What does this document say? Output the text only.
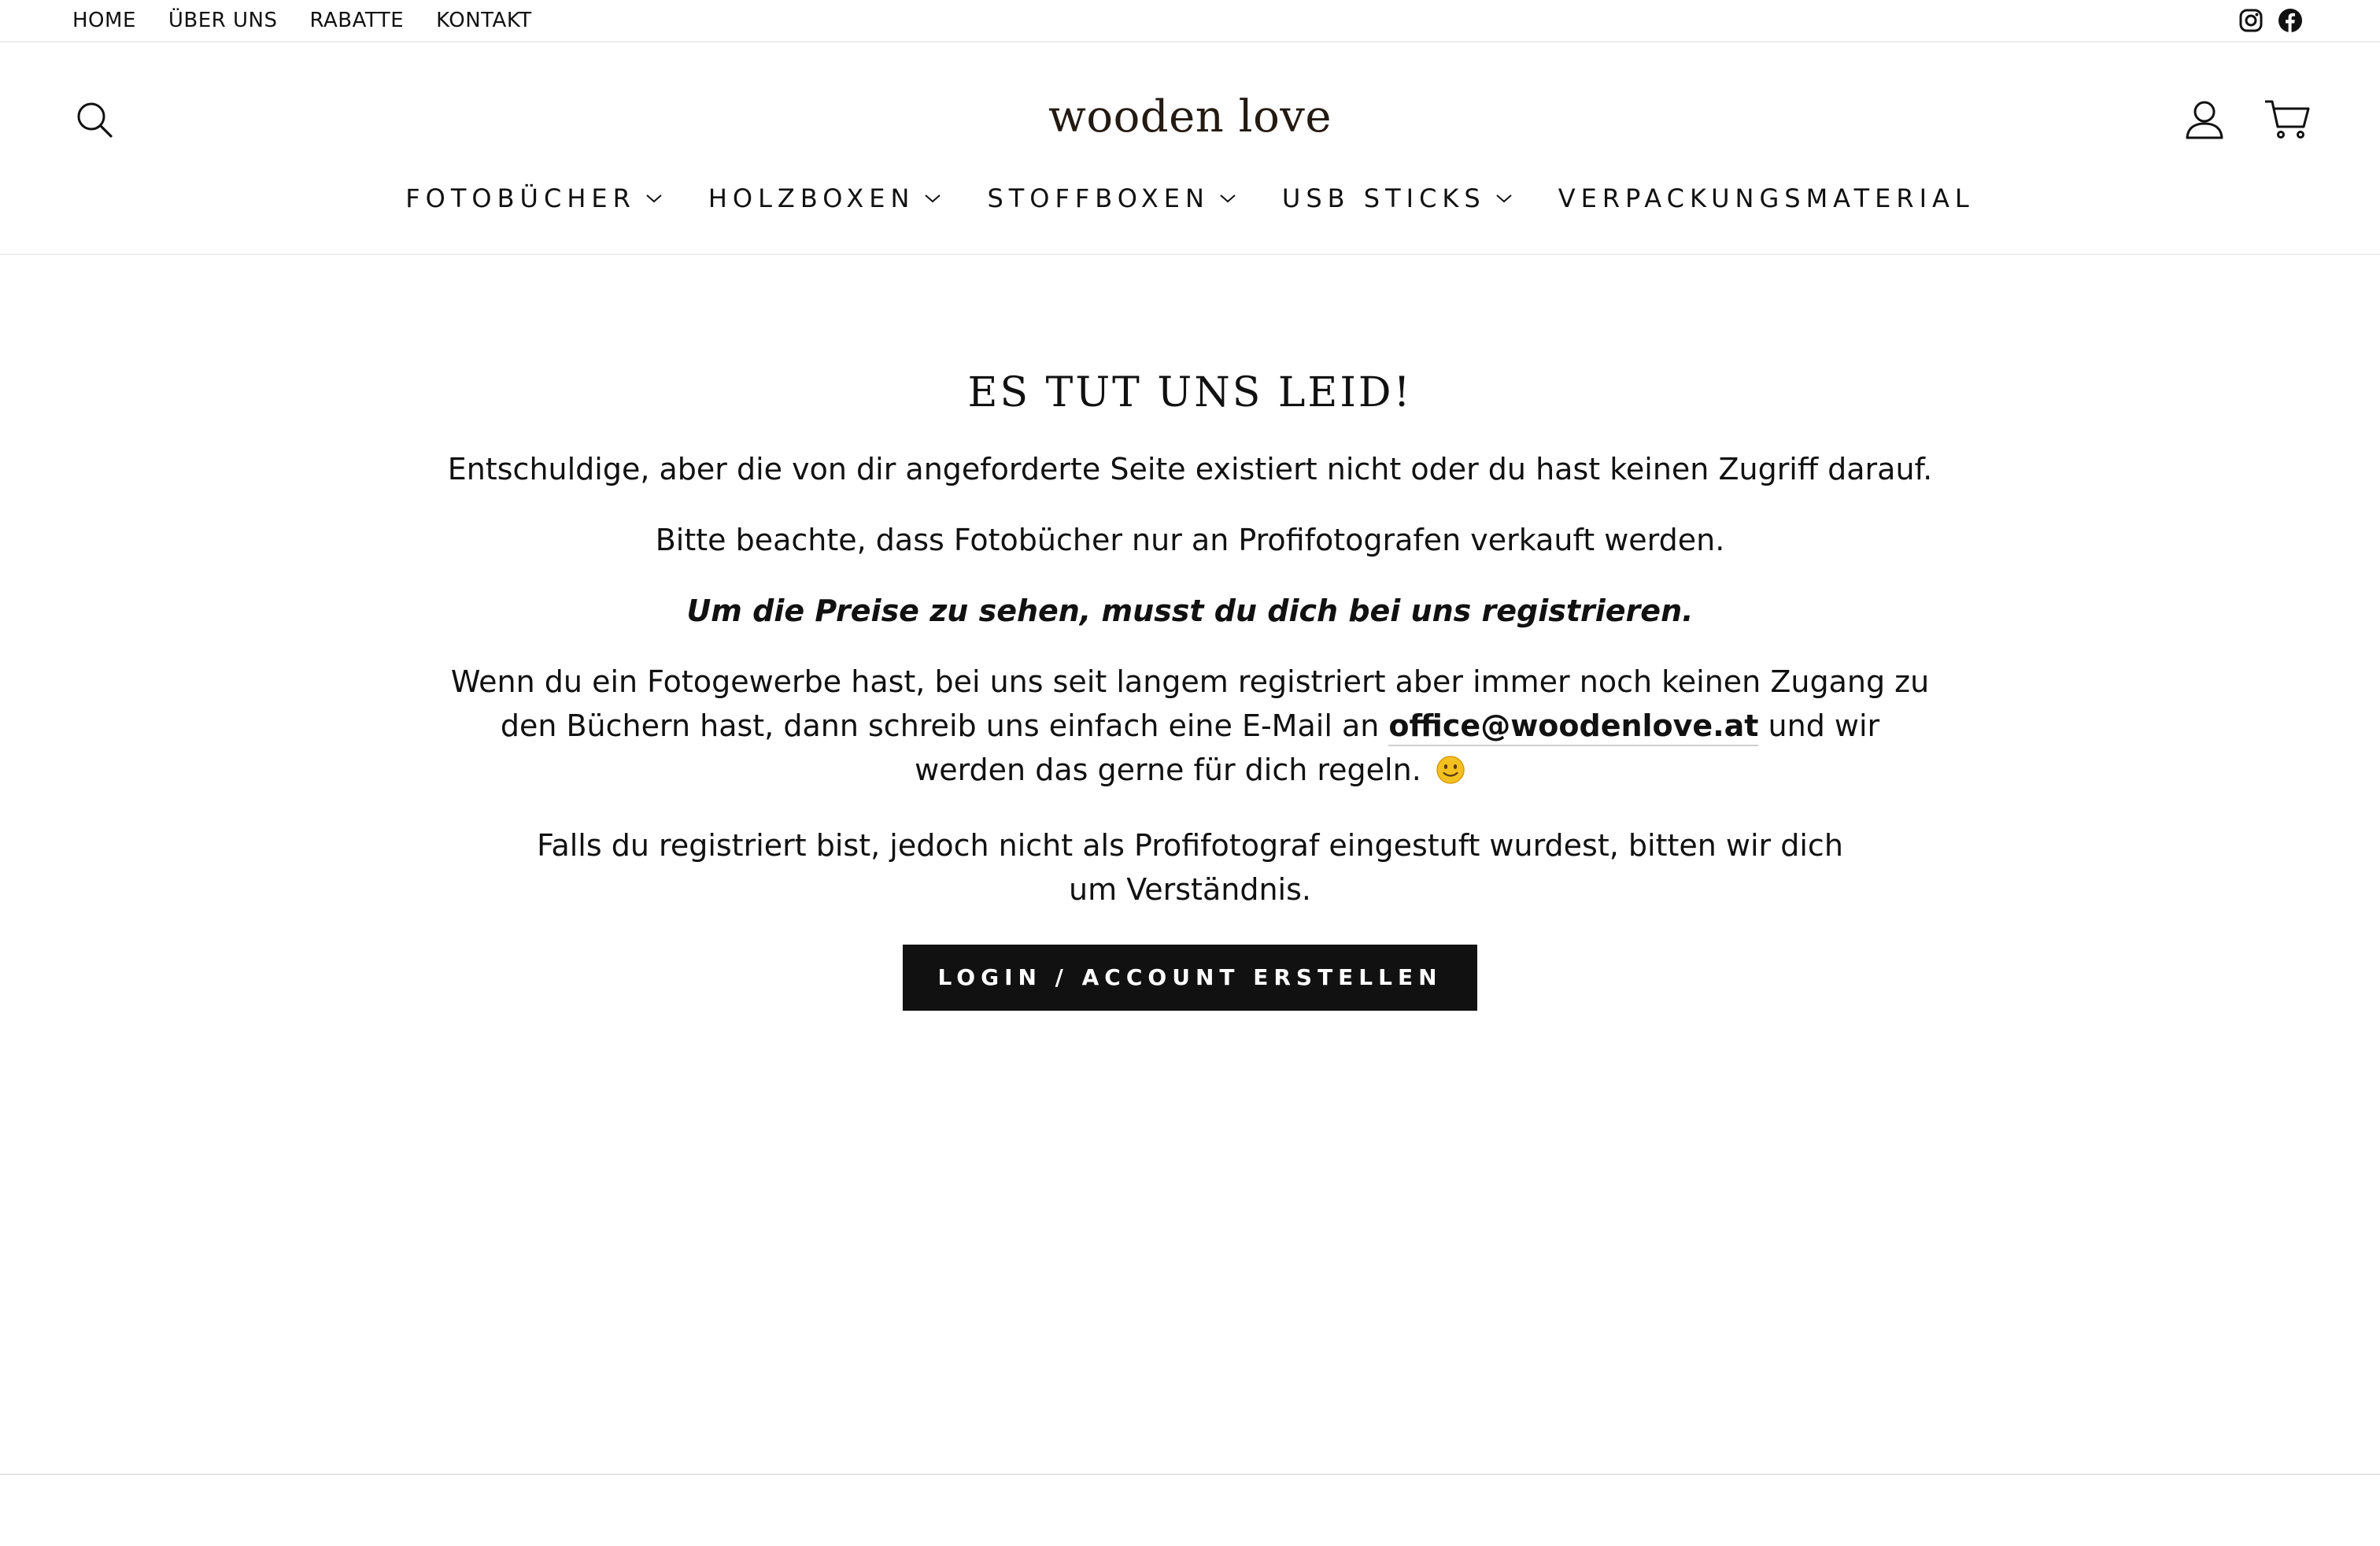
HOME ÜBER UNS RABATTE KONTAKT
wooden love
FOTOBÜCHER	HOLZBOXEN	STOFFBOXEN	USB STICKS	VERPACKUNGSMATERIAL
ES TUT UNS LEID!

Entschuldige, aber die von dir angeforderte Seite existiert nicht oder du hast keinen Zugriff darauf.

Bitte beachte, dass Fotobücher nur an Profifotografen verkauft werden.

Um die Preise zu sehen, musst du dich bei uns registrieren.

Wenn du ein Fotogewerbe hast, bei uns seit langem registriert aber immer noch keinen Zugang zu den Büchern hast, dann schreib uns einfach eine E-Mail an office@woodenlove.at und wir werden das gerne für dich regeln.

Falls du registriert bist, jedoch nicht als Profifotograf eingestuft wurdest, bitten wir dich um Verständnis.

LOGIN / ACCOUNT ERSTELLEN
